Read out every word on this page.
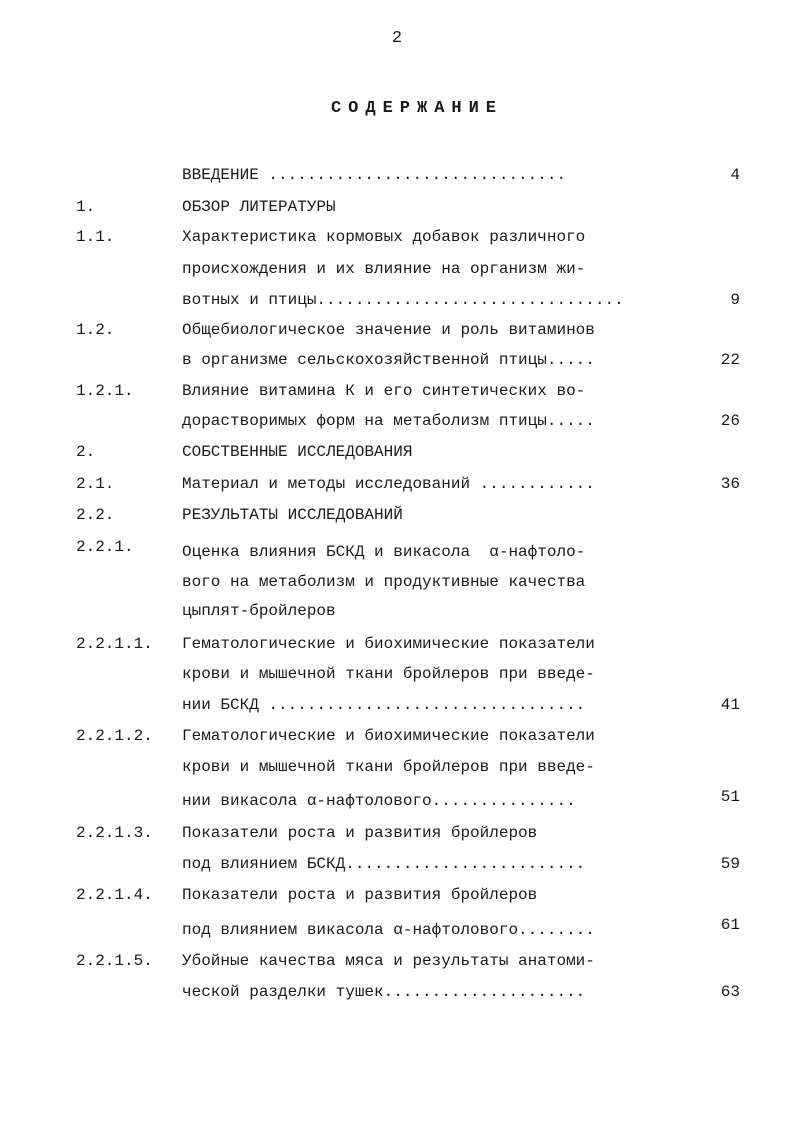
2
СОДЕРЖАНИЕ
ВВЕДЕНИЕ ...............................	4
1.	ОБЗОР ЛИТЕРАТУРЫ
1.1.	Характеристика кормовых добавок различного
происхождения и их влияние на организм жи-
вотных и птицы................................	9
1.2.	Общебиологическое значение и роль витаминов
в организме сельскохозяйственной птицы.....	22
1.2.1.	Влияние витамина К и его синтетических во-
дорастворимых форм на метаболизм птицы.....	26
2.	СОБСТВЕННЫЕ ИССЛЕДОВАНИЯ
2.1.	Материал и методы исследований ............	36
2.2.	РЕЗУЛЬТАТЫ ИССЛЕДОВАНИЙ
2.2.1.	Оценка влияния БСКД и викасола  α-нафтоло-
вого на метаболизм и продуктивные качества
цыплят-бройлеров
2.2.1.1. Гематологические и биохимические показатели
крови и мышечной ткани бройлеров при введе-
нии БСКД .................................	41
2.2.1.2. Гематологические и биохимические показатели
крови и мышечной ткани бройлеров при введе-
нии викасола α-нафтолового...............	51
2.2.1.3. Показатели роста и развития бройлеров
под влиянием БСКД.........................	59
2.2.1.4. Показатели роста и развития бройлеров
под влиянием викасола α-нафтолового........	61
2.2.1.5. Убойные качества мяса и результаты анатоми-
ческой разделки тушек.....................	63
